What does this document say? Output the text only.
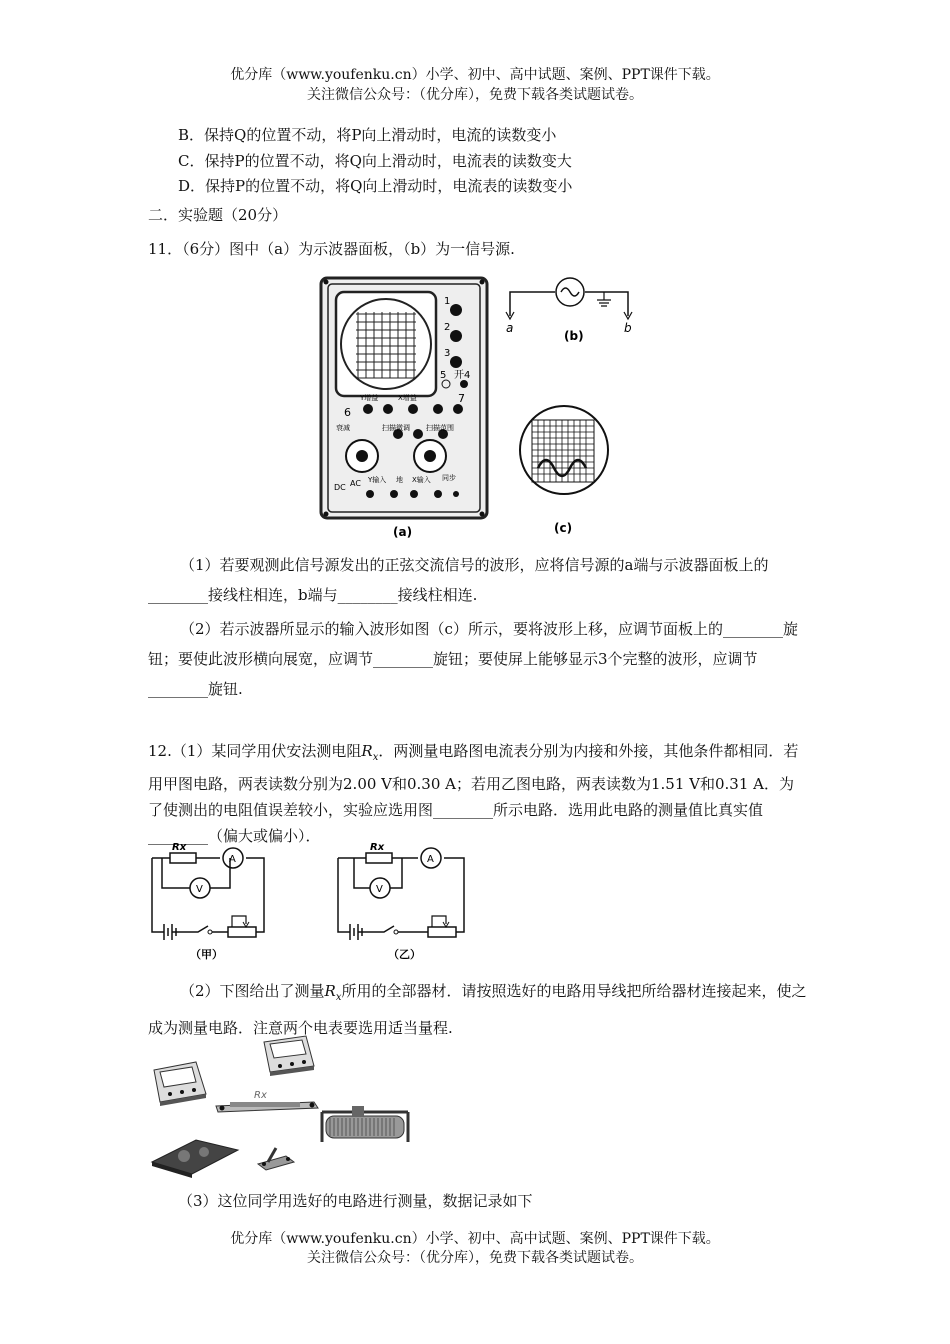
优分库（www.youfenku.cn）小学、初中、高中试题、案例、PPT课件下载。
关注微信公众号：（优分库），免费下载各类试题试卷。
B．保持Q的位置不动，将P向上滑动时，电流的读数变小
C．保持P的位置不动，将Q向上滑动时，电流表的读数变大
D．保持P的位置不动，将Q向上滑动时，电流表的读数变小
二．实验题（20分）
11．（6分）图中（a）为示波器面板，（b）为一信号源.
1
2
3
5 开4
6
7
Y增益	X增益
衰减	扫描微调 扫描范围
DC AC Y输入 地 X输入 同步
(a)
a	b
(b)
(c)
（1）若要观测此信号源发出的正弦交流信号的波形，应将信号源的a端与示波器面板上的________接线柱相连，b端与________接线柱相连.
（2）若示波器所显示的输入波形如图（c）所示，要将波形上移，应调节面板上的________旋钮；要使此波形横向展宽，应调节________旋钮；要使屏上能够显示3个完整的波形，应调节________旋钮.
12.（1）某同学用伏安法测电阻$R_x$．两测量电路图电流表分别为内接和外接，其他条件都相同．若用甲图电路，两表读数分别为2.00 V和0.30 A；若用乙图电路，两表读数为1.51 V和0.31 A．为了使测出的电阻值误差较小，实验应选用图________所示电路．选用此电路的测量值比真实值________（偏大或偏小）．
Rx
A
V
（甲）
Rx
A
V
（乙）
（2）下图给出了测量$R_x$所用的全部器材．请按照选好的电路用导线把所给器材连接起来，使之成为测量电路．注意两个电表要选用适当量程.
Rx
（3）这位同学用选好的电路进行测量，数据记录如下
优分库（www.youfenku.cn）小学、初中、高中试题、案例、PPT课件下载。
关注微信公众号：（优分库），免费下载各类试题试卷。
